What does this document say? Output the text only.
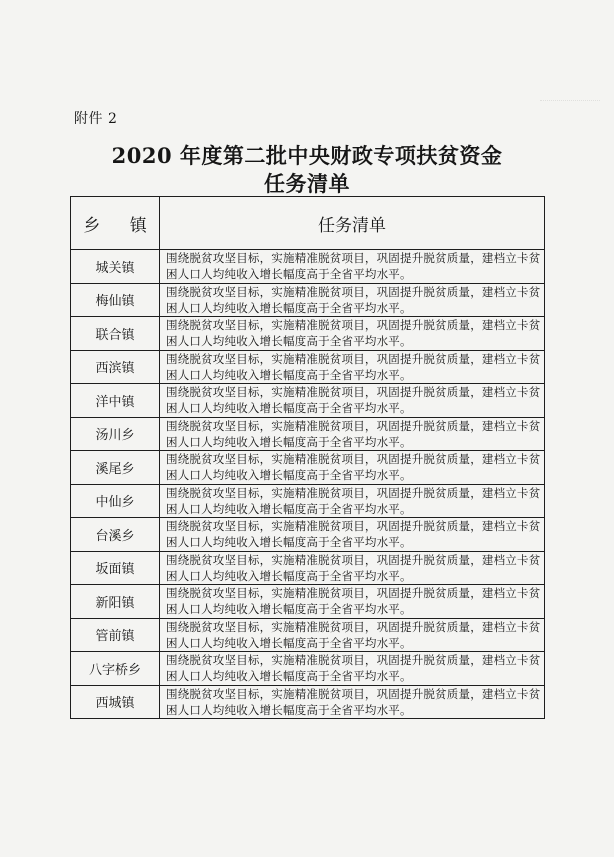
附件 2
2020 年度第二批中央财政专项扶贫资金
任务清单
乡 镇	任务清单
城关镇	围绕脱贫攻坚目标，实施精准脱贫项目，巩固提升脱贫质量，建档立卡贫困人口人均纯收入增长幅度高于全省平均水平。
梅仙镇	围绕脱贫攻坚目标，实施精准脱贫项目，巩固提升脱贫质量，建档立卡贫困人口人均纯收入增长幅度高于全省平均水平。
联合镇	围绕脱贫攻坚目标，实施精准脱贫项目，巩固提升脱贫质量，建档立卡贫困人口人均纯收入增长幅度高于全省平均水平。
西滨镇	围绕脱贫攻坚目标，实施精准脱贫项目，巩固提升脱贫质量，建档立卡贫困人口人均纯收入增长幅度高于全省平均水平。
洋中镇	围绕脱贫攻坚目标，实施精准脱贫项目，巩固提升脱贫质量，建档立卡贫困人口人均纯收入增长幅度高于全省平均水平。
汤川乡	围绕脱贫攻坚目标，实施精准脱贫项目，巩固提升脱贫质量，建档立卡贫困人口人均纯收入增长幅度高于全省平均水平。
溪尾乡	围绕脱贫攻坚目标，实施精准脱贫项目，巩固提升脱贫质量，建档立卡贫困人口人均纯收入增长幅度高于全省平均水平。
中仙乡	围绕脱贫攻坚目标，实施精准脱贫项目，巩固提升脱贫质量，建档立卡贫困人口人均纯收入增长幅度高于全省平均水平。
台溪乡	围绕脱贫攻坚目标，实施精准脱贫项目，巩固提升脱贫质量，建档立卡贫困人口人均纯收入增长幅度高于全省平均水平。
坂面镇	围绕脱贫攻坚目标，实施精准脱贫项目，巩固提升脱贫质量，建档立卡贫困人口人均纯收入增长幅度高于全省平均水平。
新阳镇	围绕脱贫攻坚目标，实施精准脱贫项目，巩固提升脱贫质量，建档立卡贫困人口人均纯收入增长幅度高于全省平均水平。
管前镇	围绕脱贫攻坚目标，实施精准脱贫项目，巩固提升脱贫质量，建档立卡贫困人口人均纯收入增长幅度高于全省平均水平。
八字桥乡	围绕脱贫攻坚目标，实施精准脱贫项目，巩固提升脱贫质量，建档立卡贫困人口人均纯收入增长幅度高于全省平均水平。
西城镇	围绕脱贫攻坚目标，实施精准脱贫项目，巩固提升脱贫质量，建档立卡贫困人口人均纯收入增长幅度高于全省平均水平。
